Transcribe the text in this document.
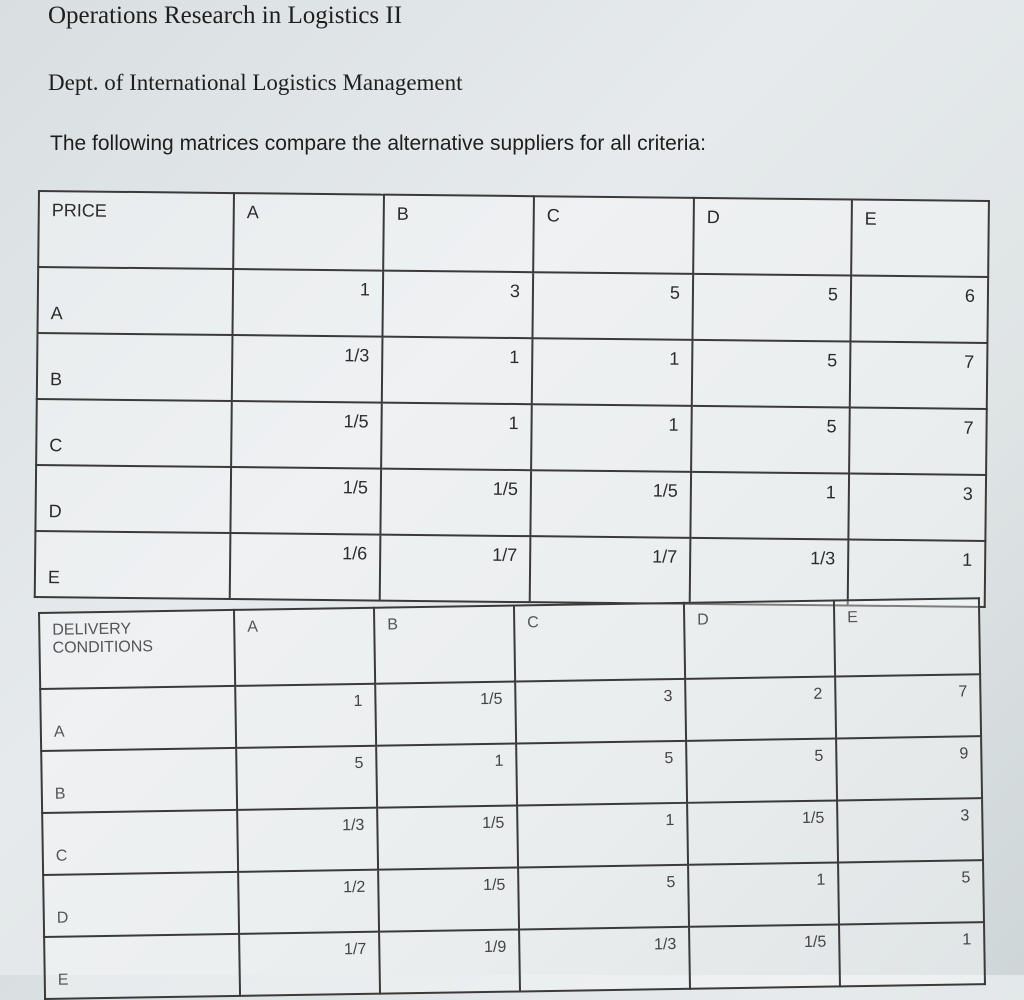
Operations Research in Logistics II
Dept. of International Logistics Management
The following matrices compare the alternative suppliers for all criteria:
PRICE	A	B	C	D	E
A	1	3	5	5	6
B	1/3	1	1	5	7
C	1/5	1	1	5	7
D	1/5	1/5	1/5	1	3
E	1/6	1/7	1/7	1/3	1
DELIVERY
CONDITIONS	A	B	C	D	E
A	1	1/5	3	2	7
B	5	1	5	5	9
C	1/3	1/5	1	1/5	3
D	1/2	1/5	5	1	5
E	1/7	1/9	1/3	1/5	1
